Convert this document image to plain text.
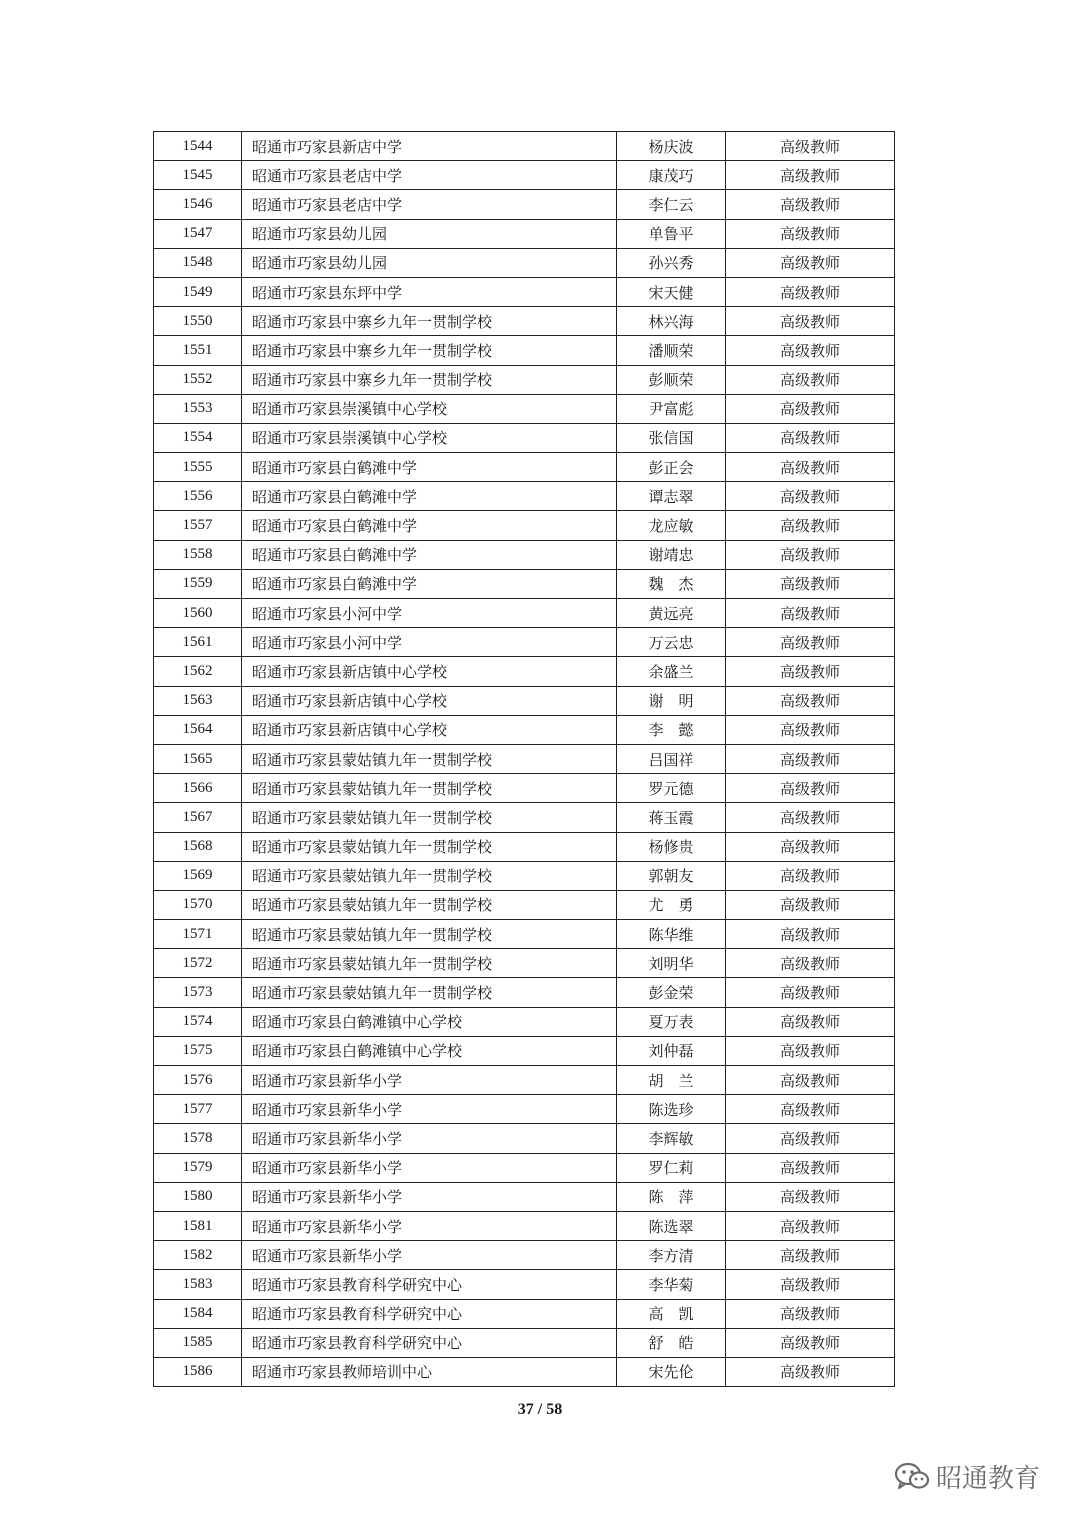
1544	昭通市巧家县新店中学	杨庆波	高级教师
1545	昭通市巧家县老店中学	康茂巧	高级教师
1546	昭通市巧家县老店中学	李仁云	高级教师
1547	昭通市巧家县幼儿园	单鲁平	高级教师
1548	昭通市巧家县幼儿园	孙兴秀	高级教师
1549	昭通市巧家县东坪中学	宋天健	高级教师
1550	昭通市巧家县中寨乡九年一贯制学校	林兴海	高级教师
1551	昭通市巧家县中寨乡九年一贯制学校	潘顺荣	高级教师
1552	昭通市巧家县中寨乡九年一贯制学校	彭顺荣	高级教师
1553	昭通市巧家县崇溪镇中心学校	尹富彪	高级教师
1554	昭通市巧家县崇溪镇中心学校	张信国	高级教师
1555	昭通市巧家县白鹤滩中学	彭正会	高级教师
1556	昭通市巧家县白鹤滩中学	谭志翠	高级教师
1557	昭通市巧家县白鹤滩中学	龙应敏	高级教师
1558	昭通市巧家县白鹤滩中学	谢靖忠	高级教师
1559	昭通市巧家县白鹤滩中学	魏　杰	高级教师
1560	昭通市巧家县小河中学	黄远亮	高级教师
1561	昭通市巧家县小河中学	万云忠	高级教师
1562	昭通市巧家县新店镇中心学校	余盛兰	高级教师
1563	昭通市巧家县新店镇中心学校	谢　明	高级教师
1564	昭通市巧家县新店镇中心学校	李　懿	高级教师
1565	昭通市巧家县蒙姑镇九年一贯制学校	吕国祥	高级教师
1566	昭通市巧家县蒙姑镇九年一贯制学校	罗元德	高级教师
1567	昭通市巧家县蒙姑镇九年一贯制学校	蒋玉霞	高级教师
1568	昭通市巧家县蒙姑镇九年一贯制学校	杨修贵	高级教师
1569	昭通市巧家县蒙姑镇九年一贯制学校	郭朝友	高级教师
1570	昭通市巧家县蒙姑镇九年一贯制学校	尤　勇	高级教师
1571	昭通市巧家县蒙姑镇九年一贯制学校	陈华维	高级教师
1572	昭通市巧家县蒙姑镇九年一贯制学校	刘明华	高级教师
1573	昭通市巧家县蒙姑镇九年一贯制学校	彭金荣	高级教师
1574	昭通市巧家县白鹤滩镇中心学校	夏万表	高级教师
1575	昭通市巧家县白鹤滩镇中心学校	刘仲磊	高级教师
1576	昭通市巧家县新华小学	胡　兰	高级教师
1577	昭通市巧家县新华小学	陈选珍	高级教师
1578	昭通市巧家县新华小学	李辉敏	高级教师
1579	昭通市巧家县新华小学	罗仁莉	高级教师
1580	昭通市巧家县新华小学	陈　萍	高级教师
1581	昭通市巧家县新华小学	陈选翠	高级教师
1582	昭通市巧家县新华小学	李方清	高级教师
1583	昭通市巧家县教育科学研究中心	李华菊	高级教师
1584	昭通市巧家县教育科学研究中心	高　凯	高级教师
1585	昭通市巧家县教育科学研究中心	舒　皓	高级教师
1586	昭通市巧家县教师培训中心	宋先伦	高级教师
37 / 58
昭通教育
